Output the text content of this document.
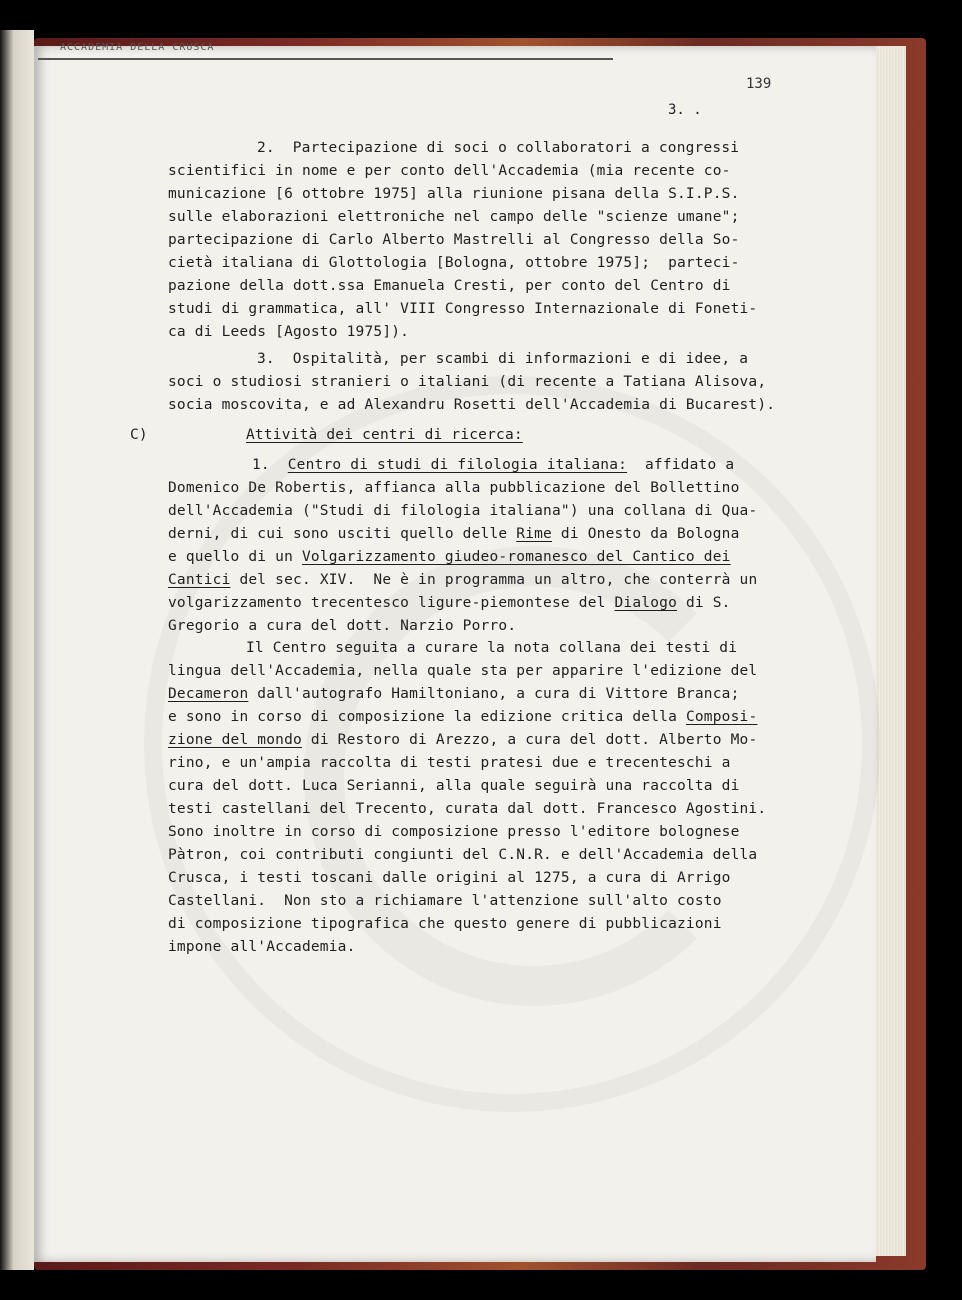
ACCADEMIA DELLA CRUSCA
139
3. .
2.  Partecipazione di soci o collaboratori a congressi
scientifici in nome e per conto dell'Accademia (mia recente co-
municazione [6 ottobre 1975] alla riunione pisana della S.I.P.S.
sulle elaborazioni elettroniche nel campo delle "scienze umane";
partecipazione di Carlo Alberto Mastrelli al Congresso della So-
cietà italiana di Glottologia [Bologna, ottobre 1975];  parteci-
pazione della dott.ssa Emanuela Cresti, per conto del Centro di
studi di grammatica, all' VIII Congresso Internazionale di Foneti-
ca di Leeds [Agosto 1975]).
3.  Ospitalità, per scambi di informazioni e di idee, a
soci o studiosi stranieri o italiani (di recente a Tatiana Alisova,
socia moscovita, e ad Alexandru Rosetti dell'Accademia di Bucarest).
C)	Attività dei centri di ricerca:
1. Centro di studi di filologia italiana:  affidato a
Domenico De Robertis, affianca alla pubblicazione del Bollettino
dell'Accademia ("Studi di filologia italiana") una collana di Qua-
derni, di cui sono usciti quello delle Rime di Onesto da Bologna
e quello di un Volgarizzamento giudeo-romanesco del Cantico dei
Cantici del sec. XIV.  Ne è in programma un altro, che conterrà un
volgarizzamento trecentesco ligure-piemontese del Dialogo di S.
Gregorio a cura del dott. Narzio Porro.
Il Centro seguita a curare la nota collana dei testi di
lingua dell'Accademia, nella quale sta per apparire l'edizione del
Decameron dall'autografo Hamiltoniano, a cura di Vittore Branca;
e sono in corso di composizione la edizione critica della Composi-
zione del mondo di Restoro di Arezzo, a cura del dott. Alberto Mo-
rino, e un'ampia raccolta di testi pratesi due e trecenteschi a
cura del dott. Luca Serianni, alla quale seguirà una raccolta di
testi castellani del Trecento, curata dal dott. Francesco Agostini.
Sono inoltre in corso di composizione presso l'editore bolognese
Pàtron, coi contributi congiunti del C.N.R. e dell'Accademia della
Crusca, i testi toscani dalle origini al 1275, a cura di Arrigo
Castellani.  Non sto a richiamare l'attenzione sull'alto costo
di composizione tipografica che questo genere di pubblicazioni
impone all'Accademia.
